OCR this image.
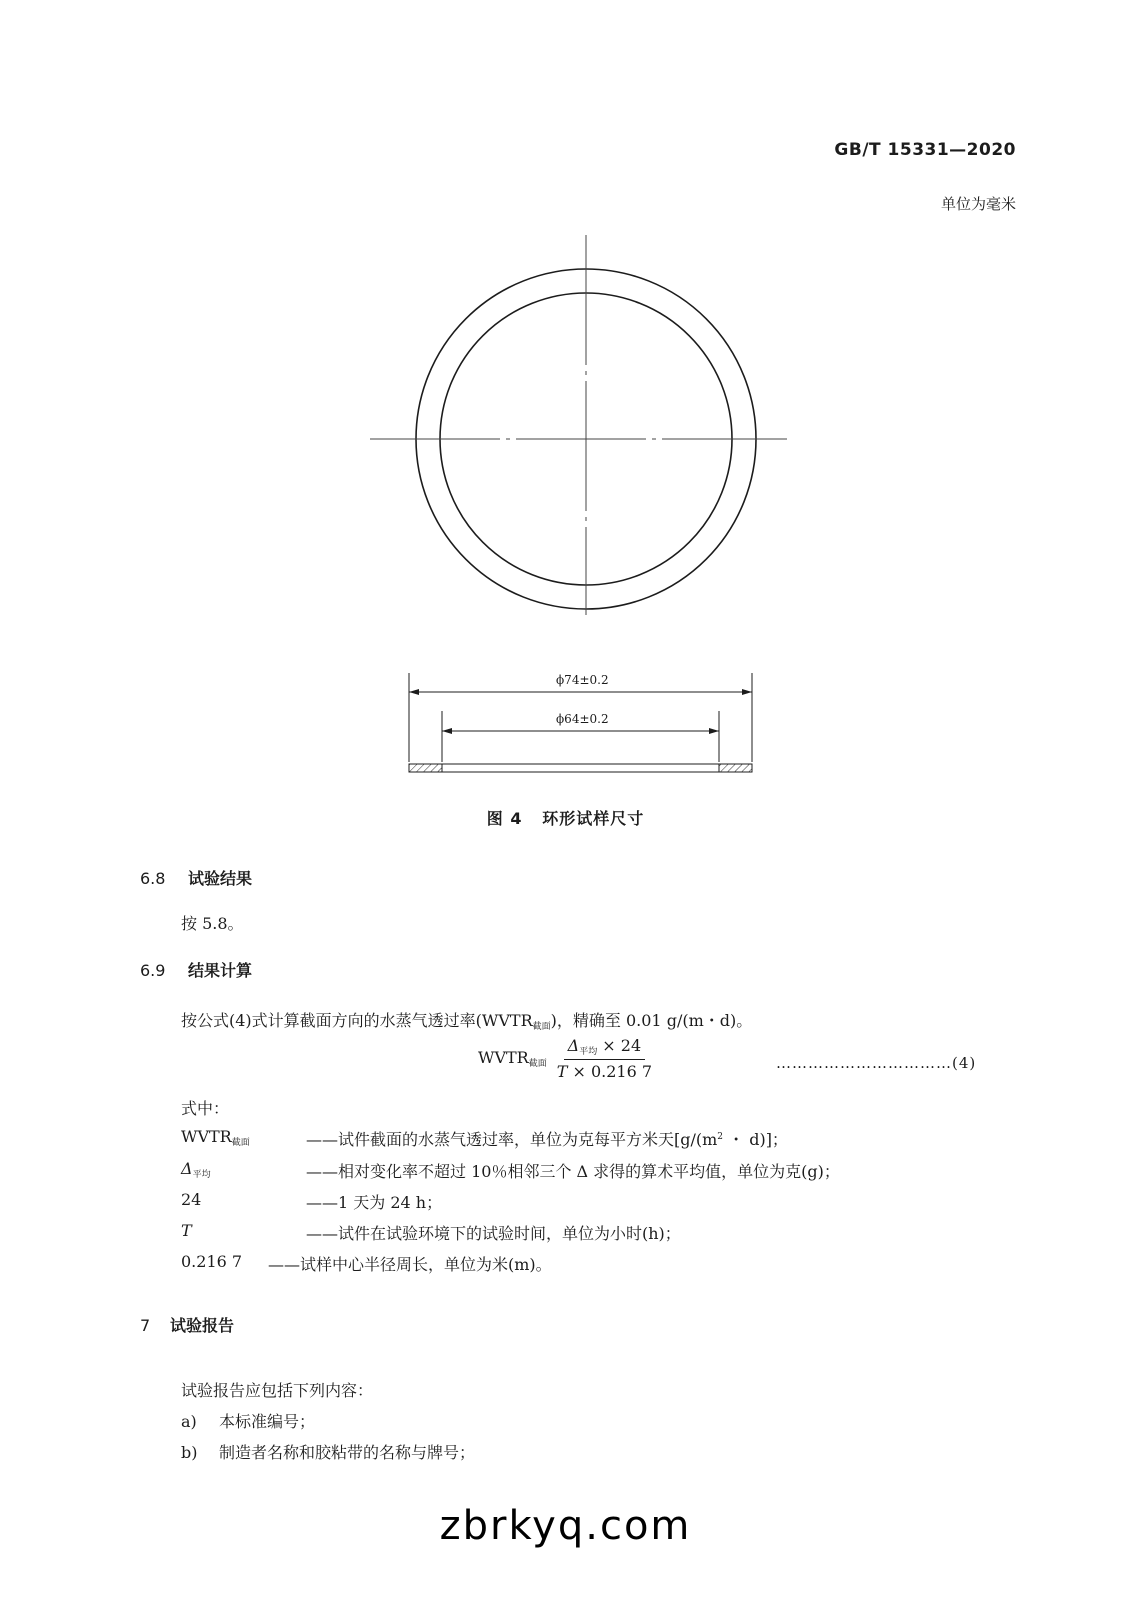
GB/T 15331—2020
单位为毫米
ϕ74±0.2
ϕ64±0.2
图 4   环形试样尺寸
6.8 试验结果
按 5.8。
6.9 结果计算
按公式(4)式计算截面方向的水蒸气透过率$(WVTR_{截面})$，精确至 0.01 g/(m・d)。
$WVTR_{截面} \frac{\Delta_{平均} \times 24}{T \times 0.216 7}$	……………………………(4)
式中：
$WVTR_{截面}$	——试件截面的水蒸气透过率，单位为克每平方米天[$g/(m^2$ ・ d)]；
$\Delta_{平均}$	——相对变化率不超过 10％相邻三个 Δ 求得的算术平均值，单位为克(g)；
24	——1 天为 24 h；
T	——试件在试验环境下的试验时间，单位为小时(h)；
0.216 7 ——试样中心半径周长，单位为米(m)。
7 试验报告
试验报告应包括下列内容：
a) 本标准编号；
b) 制造者名称和胶粘带的名称与牌号；
zbrkyq.com
